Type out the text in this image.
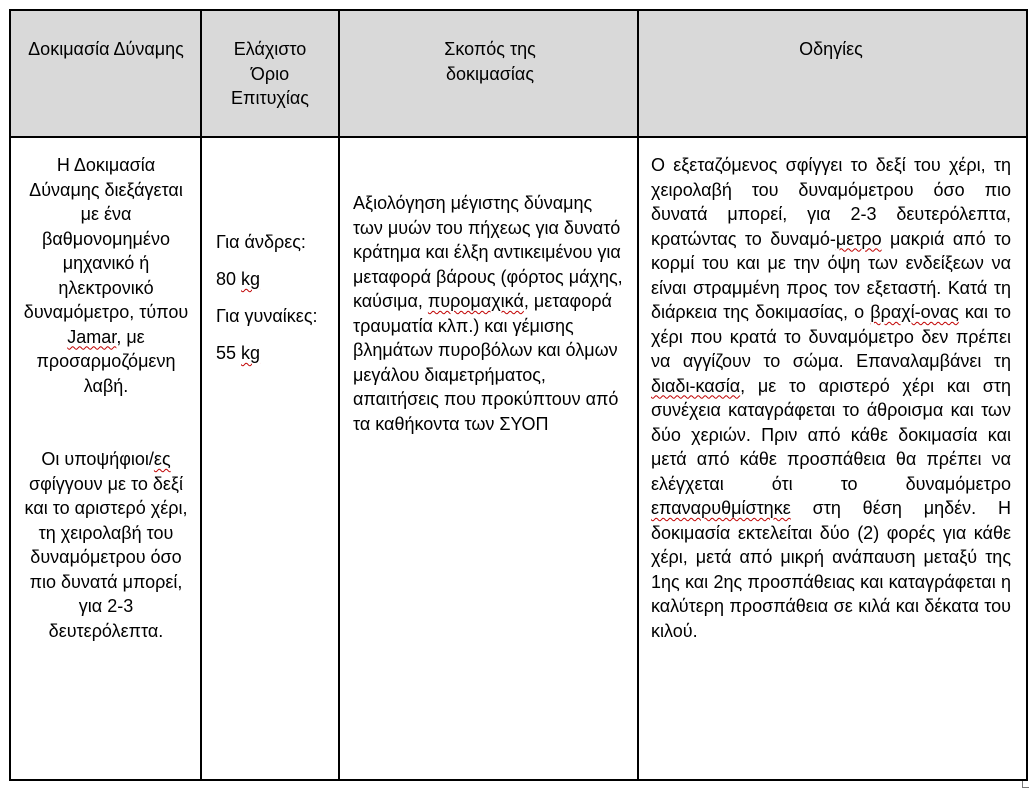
Δοκιμασία Δύναμης	Ελάχιστο Όριο Επιτυχίας
Σκοπός της δοκιμασίας
Οδηγίες

Η Δοκιμασία Δύναμης διεξάγεται με ένα βαθμονομημένο μηχανικό ή ηλεκτρονικό δυναμόμετρο, τύπου Jamar, με προσαρμοζόμενη λαβή.

Οι υποψήφιοι/ες σφίγγουν με το δεξί και το αριστερό χέρι, τη χειρολαβή του δυναμόμετρου όσο πιο δυνατά μπορεί, για 2-3 δευτερόλεπτα.

Για άνδρες:

80 kg

Για γυναίκες:

55 kg

Αξιολόγηση μέγιστης δύναμης των μυών του πήχεως για δυνατό κράτημα και έλξη αντικειμένου για μεταφορά βάρους (φόρτος μάχης, καύσιμα, πυρομαχικά, μεταφορά τραυματία κλπ.) και γέμισης βλημάτων πυροβόλων και όλμων μεγάλου διαμετρήματος, απαιτήσεις που προκύπτουν από τα καθήκοντα των ΣΥΟΠ
Ο εξεταζόμενος σφίγγει το δεξί του χέρι, τη χειρολαβή του δυναμόμετρου όσο πιο δυνατά μπορεί, για 2-3 δευτερόλεπτα, κρατώντας το δυναμό-μετρο μακριά από το κορμί του και με την όψη των ενδείξεων να είναι στραμμένη προς τον εξεταστή. Κατά τη διάρκεια της δοκιμασίας, ο βραχί-ονας και το χέρι που κρατά το δυναμόμετρο δεν πρέπει να αγγίζουν το σώμα. Επαναλαμβάνει τη διαδι-κασία, με το αριστερό χέρι και στη συνέχεια καταγράφεται το άθροισμα και των δύο χεριών. Πριν από κάθε δοκιμασία και μετά από κάθε προσπάθεια θα πρέπει να ελέγχεται ότι το δυναμόμετρο επαναρυθμίστηκε στη θέση μηδέν. Η δοκιμασία εκτελείται δύο (2) φορές για κάθε χέρι, μετά από μικρή ανάπαυση μεταξύ της 1ης και 2ης προσπάθειας και καταγράφεται η καλύτερη προσπάθεια σε κιλά και δέκατα του κιλού.
